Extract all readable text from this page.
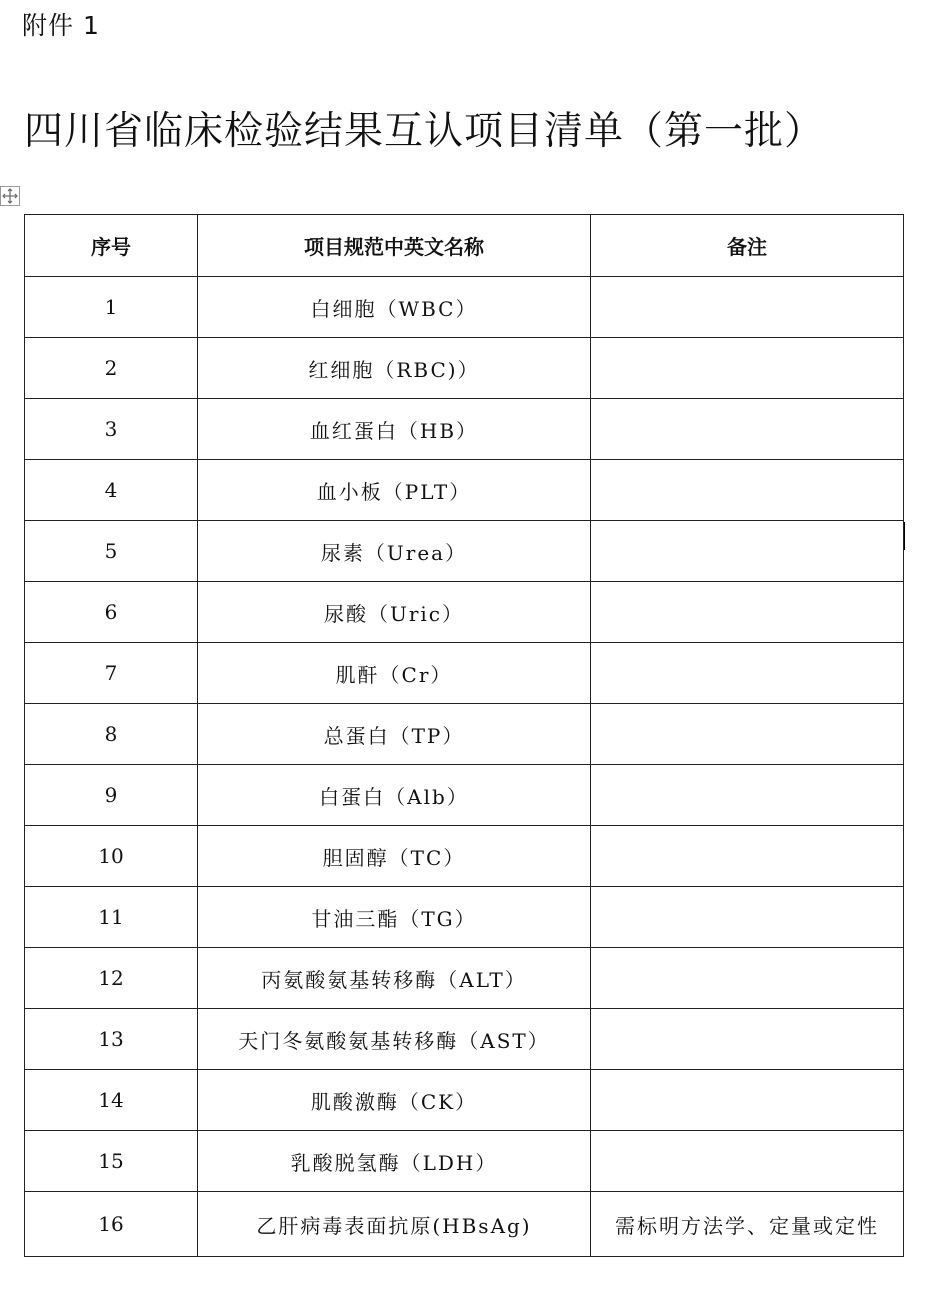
附件 1
四川省临床检验结果互认项目清单（第一批）
序号	项目规范中英文名称	备注
1	白细胞（WBC）	
2	红细胞（RBC)）	
3	血红蛋白（HB）	
4	血小板（PLT）	
5	尿素（Urea）	
6	尿酸（Uric）	
7	肌酐（Cr）	
8	总蛋白（TP）	
9	白蛋白（Alb）	
10	胆固醇（TC）	
11	甘油三酯（TG）	
12	丙氨酸氨基转移酶（ALT）	
13	天门冬氨酸氨基转移酶（AST）	
14	肌酸激酶（CK）	
15	乳酸脱氢酶（LDH）	
16	乙肝病毒表面抗原(HBsAg)	需标明方法学、定量或定性
